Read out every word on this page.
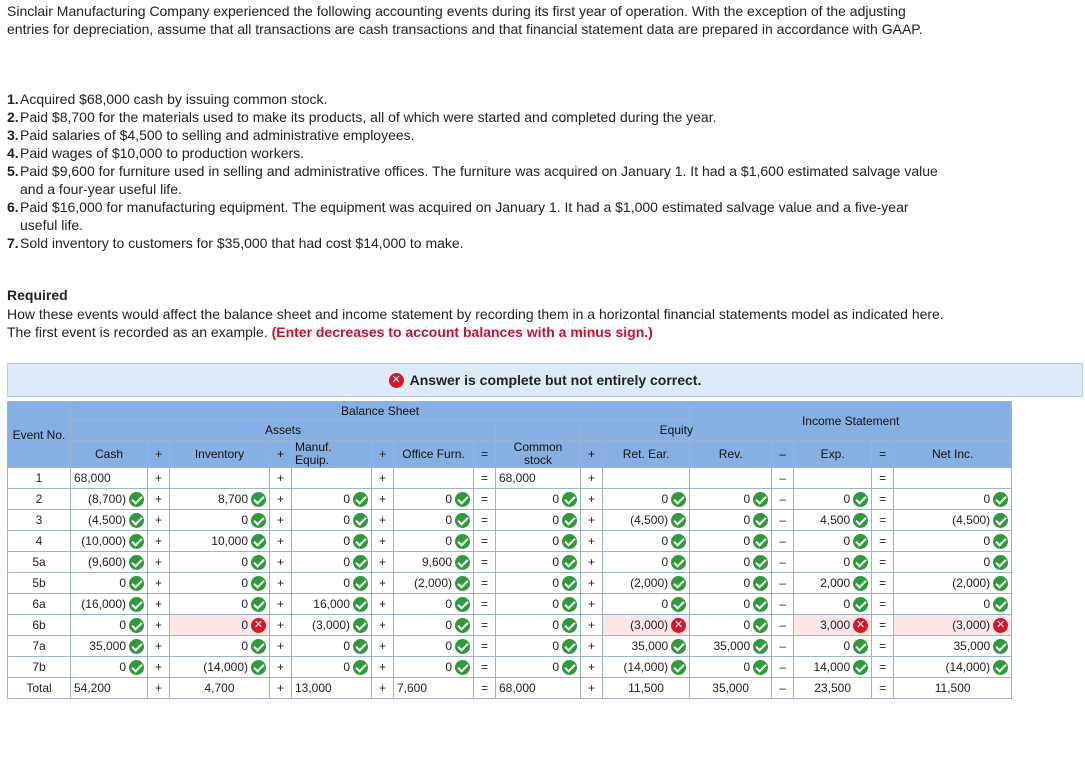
Sinclair Manufacturing Company experienced the following accounting events during its first year of operation. With the exception of the adjusting entries for depreciation, assume that all transactions are cash transactions and that financial statement data are prepared in accordance with GAAP.
1. Acquired $68,000 cash by issuing common stock.
2. Paid $8,700 for the materials used to make its products, all of which were started and completed during the year.
3. Paid salaries of $4,500 to selling and administrative employees.
4. Paid wages of $10,000 to production workers.
5. Paid $9,600 for furniture used in selling and administrative offices. The furniture was acquired on January 1. It had a $1,600 estimated salvage value and a four-year useful life.
6. Paid $16,000 for manufacturing equipment. The equipment was acquired on January 1. It had a $1,000 estimated salvage value and a five-year useful life.
7. Sold inventory to customers for $35,000 that had cost $14,000 to make.
Required
How these events would affect the balance sheet and income statement by recording them in a horizontal financial statements model as indicated here. The first event is recorded as an example. (Enter decreases to account balances with a minus sign.)
✕ Answer is complete but not entirely correct.
Event No.	Balance Sheet											Income Statement				
	Assets									Equity						
	Cash	+	Inventory	+	Manuf. Equip.	+	Office Furn.	=	Common stock	+	Ret. Ear.	Rev.	–	Exp.	=	Net Inc.
1	68,000	+		+		+		=	68,000	+			–		=	

2	(8,700)	+	8,700	+	0	+	0	=	0	+	0	0	–	0	=	0

3	(4,500)	+	0	+	0	+	0	=	0	+	(4,500)	0	–	4,500	=	(4,500)

4	(10,000)	+	10,000	+	0	+	0	=	0	+	0	0	–	0	=	0

5a	(9,600)	+	0	+	0	+	9,600	=	0	+	0	0	–	0	=	0

5b	0	+	0	+	0	+	(2,000)	=	0	+	(2,000)	0	–	2,000	=	(2,000)

6a	(16,000)	+	0	+	16,000	+	0	=	0	+	0	0	–	0	=	0

6b	0	+	0 ✕	+	(3,000)	+	0	=	0	+	(3,000) ✕	0	–	3,000 ✕	=	(3,000) ✕

7a	35,000	+	0	+	0	+	0	=	0	+	35,000	35,000	–	0	=	35,000

7b	0	+	(14,000)	+	0	+	0	=	0	+	(14,000)	0	–	14,000	=	(14,000)

Total	54,200	+	4,700	+	13,000	+	7,600	=	68,000	+	11,500	35,000	–	23,500	=	11,500
